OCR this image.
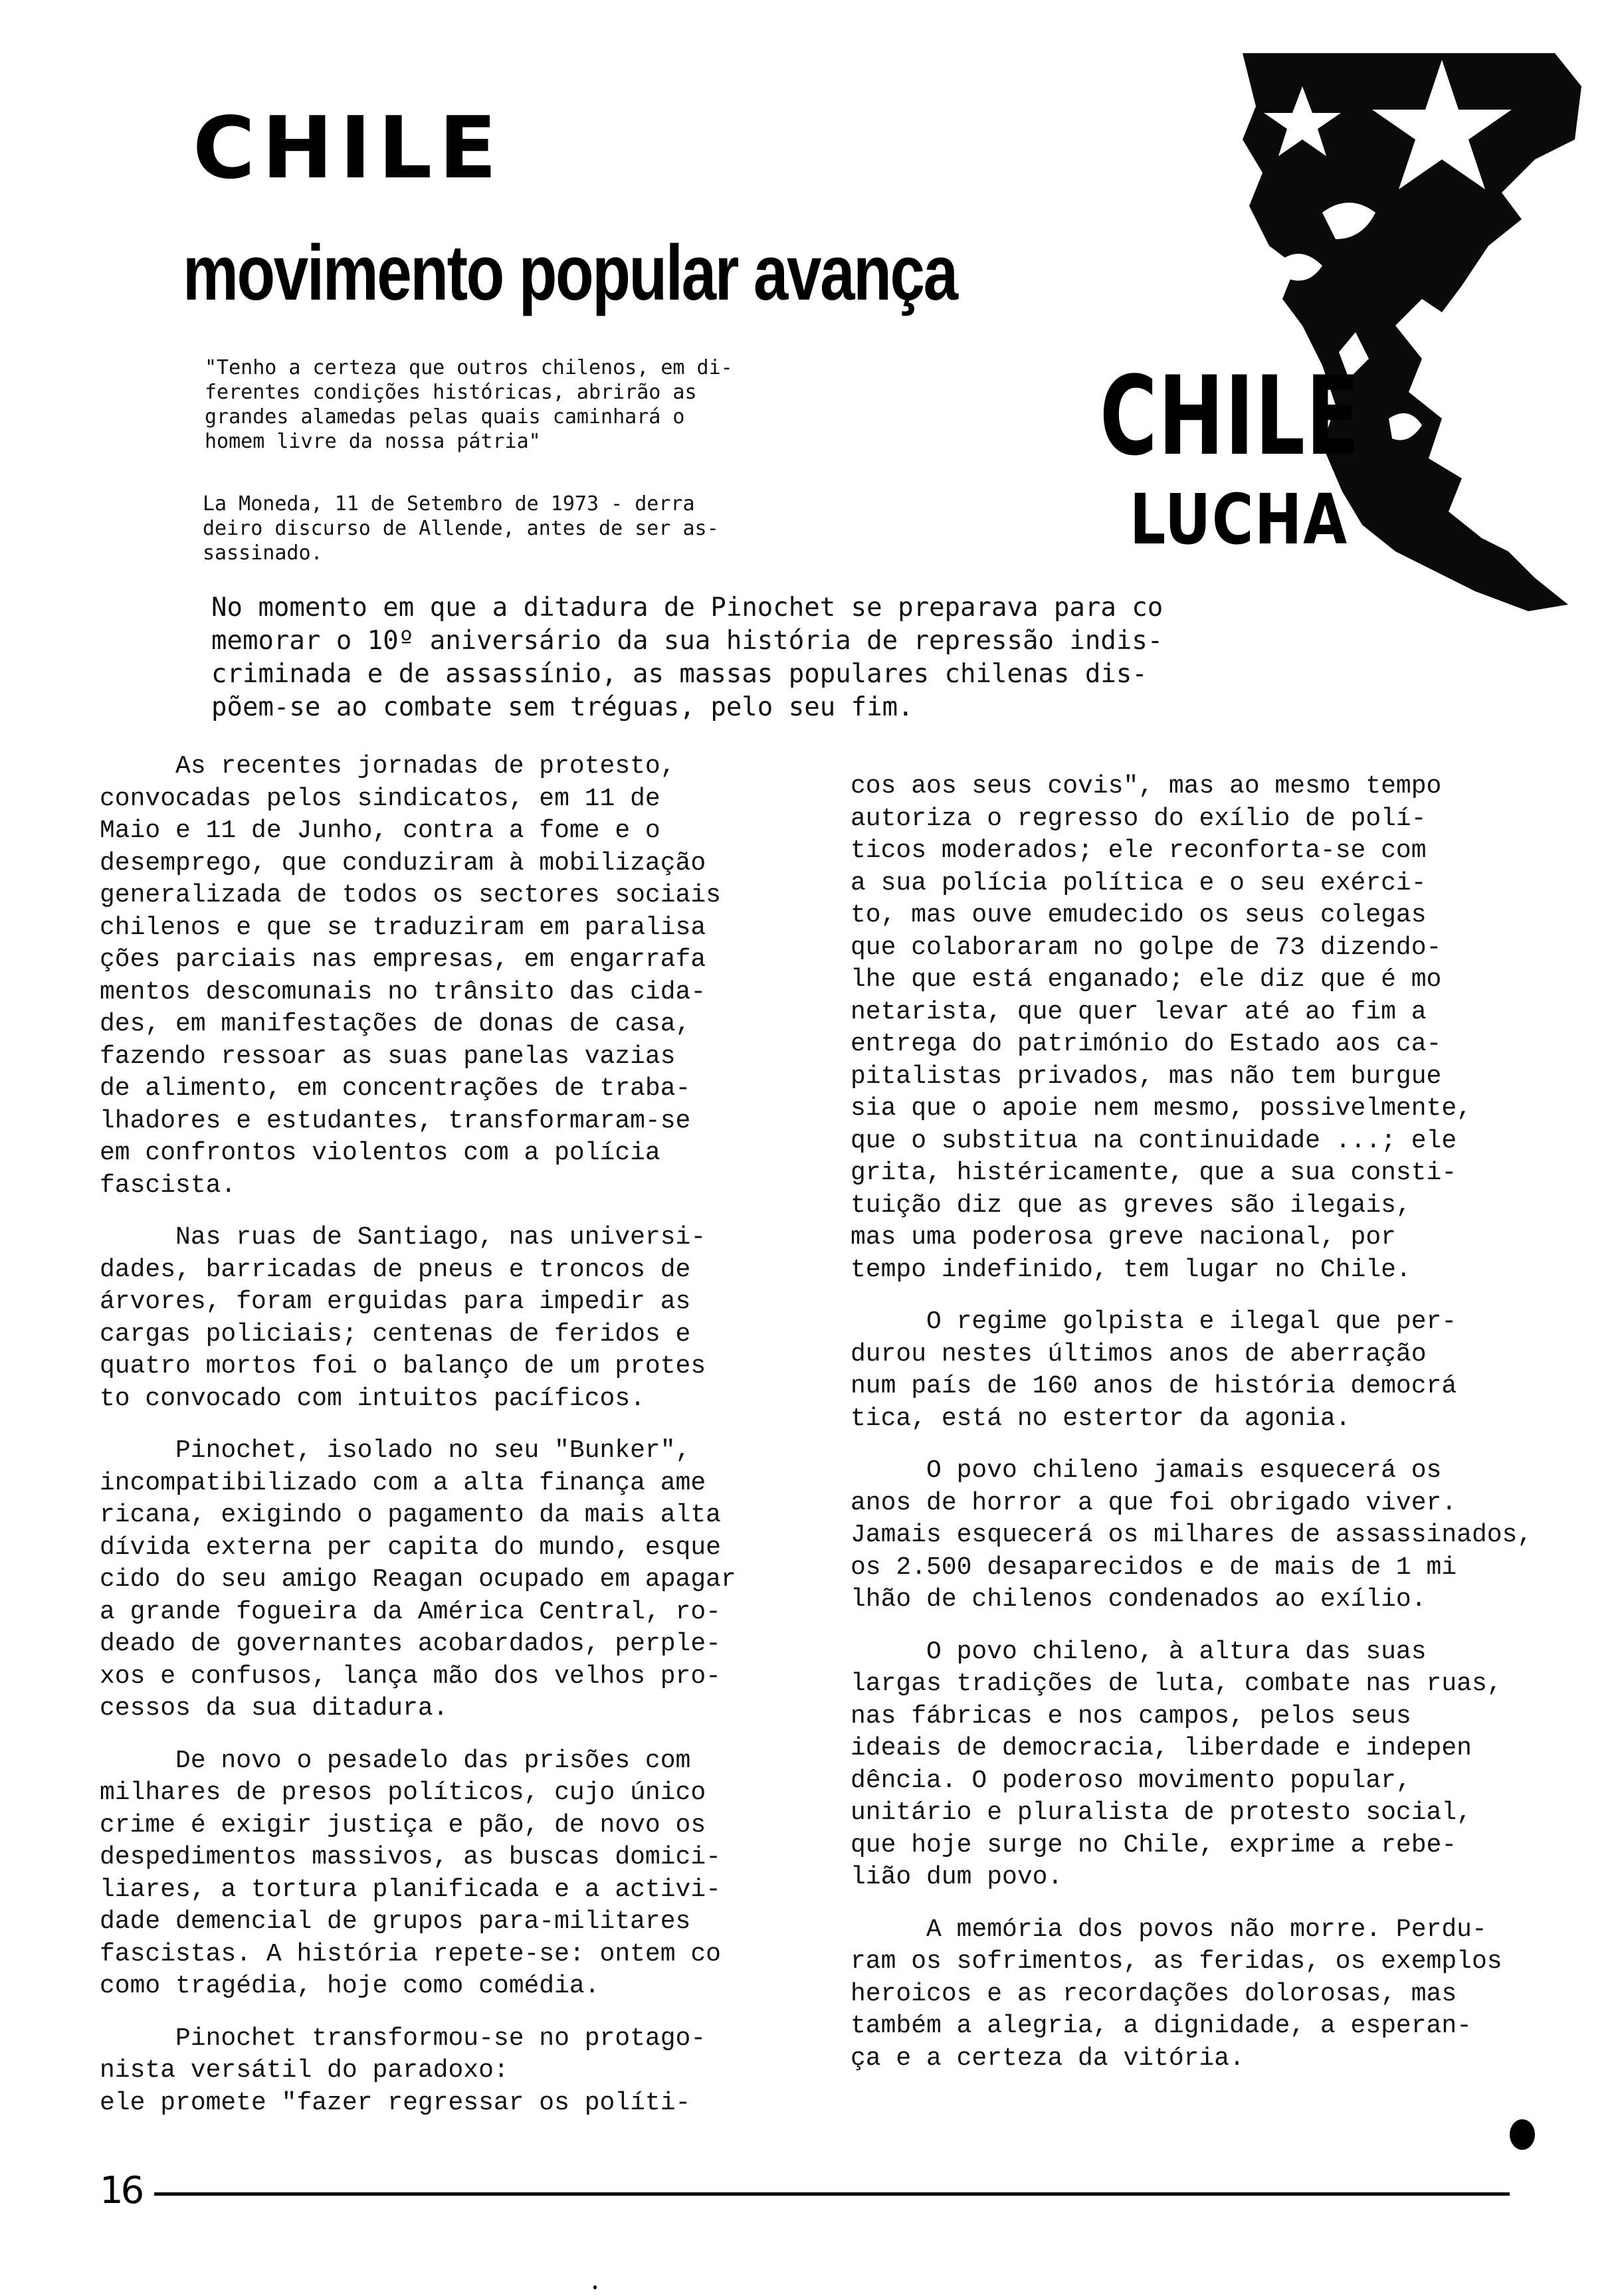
CHILE
movimento popular avança
CHILE
LUCHA

"Tenho a certeza que outros chilenos, em di-
ferentes condições históricas, abrirão as
grandes alamedas pelas quais caminhará o
homem livre da nossa pátria"

La Moneda, 11 de Setembro de 1973 - derra
deiro discurso de Allende, antes de ser as-
sassinado.

No momento em que a ditadura de Pinochet se preparava para co
memorar o 10º aniversário da sua história de repressão indis-
criminada e de assassínio, as massas populares chilenas dis-
põem-se ao combate sem tréguas, pelo seu fim.

As recentes jornadas de protesto,
convocadas pelos sindicatos, em 11 de
Maio e 11 de Junho, contra a fome e o
desemprego, que conduziram à mobilização
generalizada de todos os sectores sociais
chilenos e que se traduziram em paralisa
ções parciais nas empresas, em engarrafa
mentos descomunais no trânsito das cida-
des, em manifestações de donas de casa,
fazendo ressoar as suas panelas vazias
de alimento, em concentrações de traba-
lhadores e estudantes, transformaram-se
em confrontos violentos com a polícia
fascista.

Nas ruas de Santiago, nas universi-
dades, barricadas de pneus e troncos de
árvores, foram erguidas para impedir as
cargas policiais; centenas de feridos e
quatro mortos foi o balanço de um protes
to convocado com intuitos pacíficos.

Pinochet, isolado no seu "Bunker",
incompatibilizado com a alta finança ame
ricana, exigindo o pagamento da mais alta
dívida externa per capita do mundo, esque
cido do seu amigo Reagan ocupado em apagar
a grande fogueira da América Central, ro-
deado de governantes acobardados, perple-
xos e confusos, lança mão dos velhos pro-
cessos da sua ditadura.

De novo o pesadelo das prisões com
milhares de presos políticos, cujo único
crime é exigir justiça e pão, de novo os
despedimentos massivos, as buscas domici-
liares, a tortura planificada e a activi-
dade demencial de grupos para-militares
fascistas. A história repete-se: ontem co
como tragédia, hoje como comédia.

Pinochet transformou-se no protago-
nista versátil do paradoxo:
ele promete "fazer regressar os políti-

cos aos seus covis", mas ao mesmo tempo
autoriza o regresso do exílio de polí-
ticos moderados; ele reconforta-se com
a sua polícia política e o seu exérci-
to, mas ouve emudecido os seus colegas
que colaboraram no golpe de 73 dizendo-
lhe que está enganado; ele diz que é mo
netarista, que quer levar até ao fim a
entrega do património do Estado aos ca-
pitalistas privados, mas não tem burgue
sia que o apoie nem mesmo, possivelmente,
que o substitua na continuidade ...; ele
grita, histéricamente, que a sua consti-
tuição diz que as greves são ilegais,
mas uma poderosa greve nacional, por
tempo indefinido, tem lugar no Chile.

O regime golpista e ilegal que per-
durou nestes últimos anos de aberração
num país de 160 anos de história democrá
tica, está no estertor da agonia.

O povo chileno jamais esquecerá os
anos de horror a que foi obrigado viver.
Jamais esquecerá os milhares de assassinados,
os 2.500 desaparecidos e de mais de 1 mi
lhão de chilenos condenados ao exílio.

O povo chileno, à altura das suas
largas tradições de luta, combate nas ruas,
nas fábricas e nos campos, pelos seus
ideais de democracia, liberdade e indepen
dência. O poderoso movimento popular,
unitário e pluralista de protesto social,
que hoje surge no Chile, exprime a rebe-
lião dum povo.

A memória dos povos não morre. Perdu-
ram os sofrimentos, as feridas, os exemplos
heroicos e as recordações dolorosas, mas
também a alegria, a dignidade, a esperan-
ça e a certeza da vitória.

16
